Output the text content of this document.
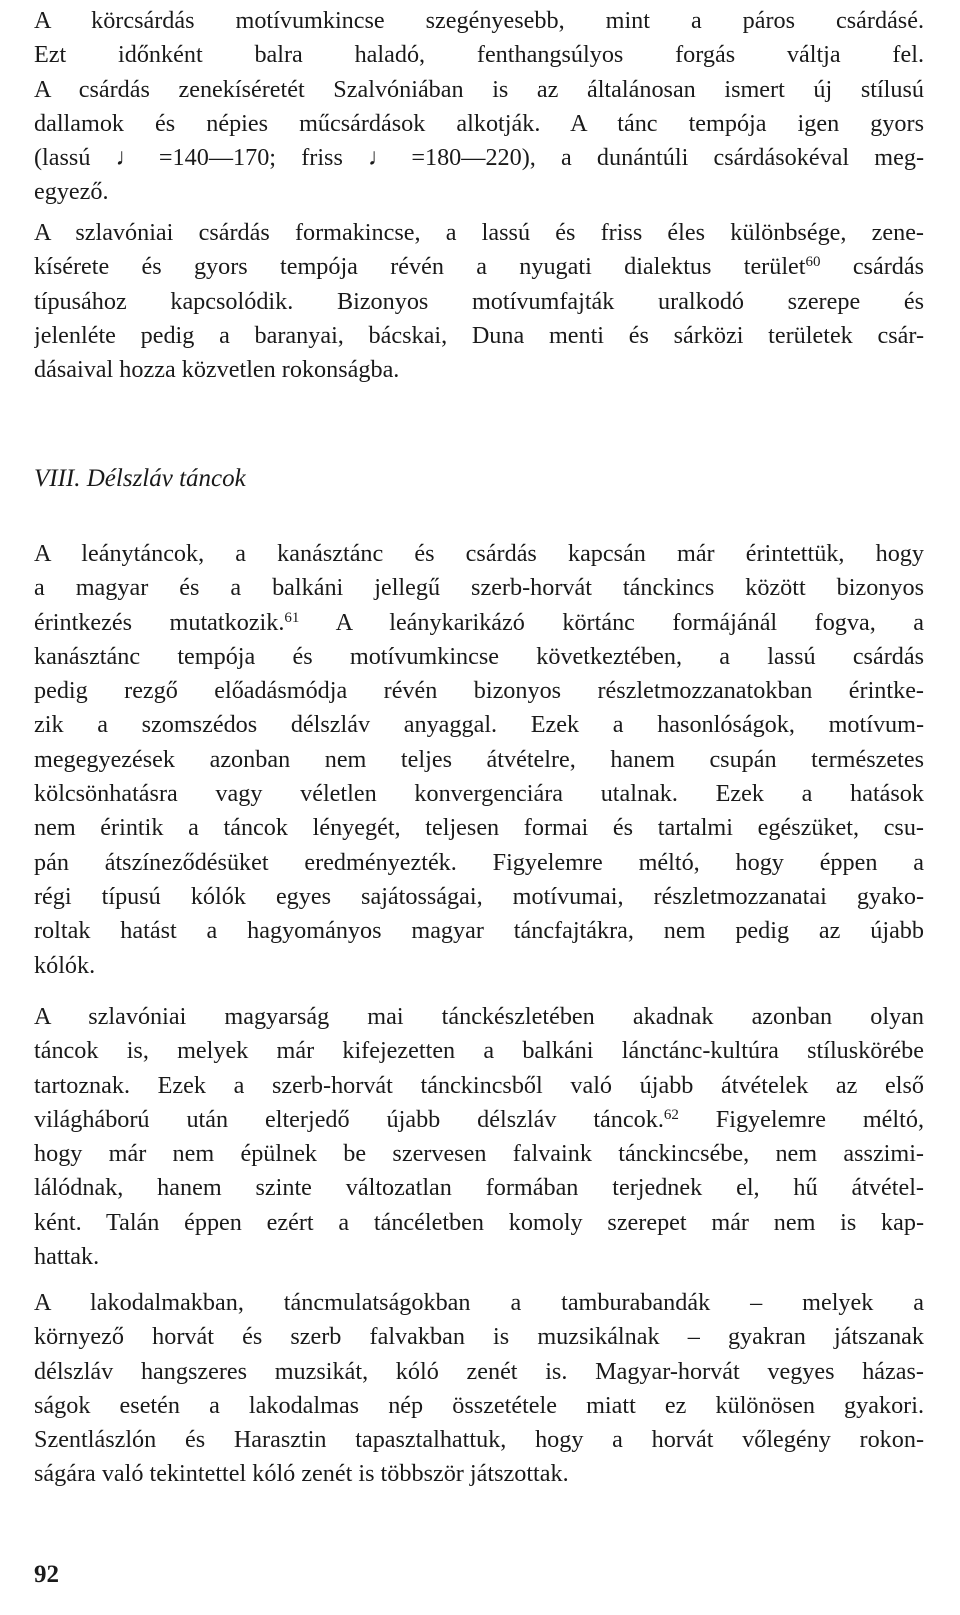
A körcsárdás motívumkincse szegényesebb, mint a páros csárdásé.
Ezt időnként balra haladó, fenthangsúlyos forgás váltja fel.
A csárdás zenekíséretét Szalvóniában is az általánosan ismert új stílusú
dallamok és népies műcsárdások alkotják. A tánc tempója igen gyors
(lassú ♩=140—170; friss ♩=180—220), a dunántúli csárdásokéval meg-
egyező.

A szlavóniai csárdás formakincse, a lassú és friss éles különbsége, zene-
kísérete és gyors tempója révén a nyugati dialektus terület$^{60}$ csárdás
típusához kapcsolódik. Bizonyos motívumfajták uralkodó szerepe és
jelenléte pedig a baranyai, bácskai, Duna menti és sárközi területek csár-
dásaival hozza közvetlen rokonságba.

VIII. Délszláv táncok

A leánytáncok, a kanásztánc és csárdás kapcsán már érintettük, hogy
a magyar és a balkáni jellegű szerb-horvát tánckincs között bizonyos
érintkezés mutatkozik.$^{61}$ A leánykarikázó körtánc formájánál fogva, a
kanásztánc tempója és motívumkincse következtében, a lassú csárdás
pedig rezgő előadásmódja révén bizonyos részletmozzanatokban érintke-
zik a szomszédos délszláv anyaggal. Ezek a hasonlóságok, motívum-
megegyezések azonban nem teljes átvételre, hanem csupán természetes
kölcsönhatásra vagy véletlen konvergenciára utalnak. Ezek a hatások
nem érintik a táncok lényegét, teljesen formai és tartalmi egészüket, csu-
pán átszíneződésüket eredményezték. Figyelemre méltó, hogy éppen a
régi típusú kólók egyes sajátosságai, motívumai, részletmozzanatai gyako-
roltak hatást a hagyományos magyar táncfajtákra, nem pedig az újabb
kólók.

A szlavóniai magyarság mai tánckészletében akadnak azonban olyan
táncok is, melyek már kifejezetten a balkáni lánctánc-kultúra stíluskörébe
tartoznak. Ezek a szerb-horvát tánckincsből való újabb átvételek az első
világháború után elterjedő újabb délszláv táncok.$^{62}$ Figyelemre méltó,
hogy már nem épülnek be szervesen falvaink tánckincsébe, nem asszimi-
lálódnak, hanem szinte változatlan formában terjednek el, hű átvétel-
ként. Talán éppen ezért a táncéletben komoly szerepet már nem is kap-
hattak.

A lakodalmakban, táncmulatságokban a tamburabandák – melyek a
környező horvát és szerb falvakban is muzsikálnak – gyakran játszanak
délszláv hangszeres muzsikát, kóló zenét is. Magyar-horvát vegyes házas-
ságok esetén a lakodalmas nép összetétele miatt ez különösen gyakori.
Szentlászlón és Harasztin tapasztalhattuk, hogy a horvát vőlegény rokon-
ságára való tekintettel kóló zenét is többször játszottak.

92
